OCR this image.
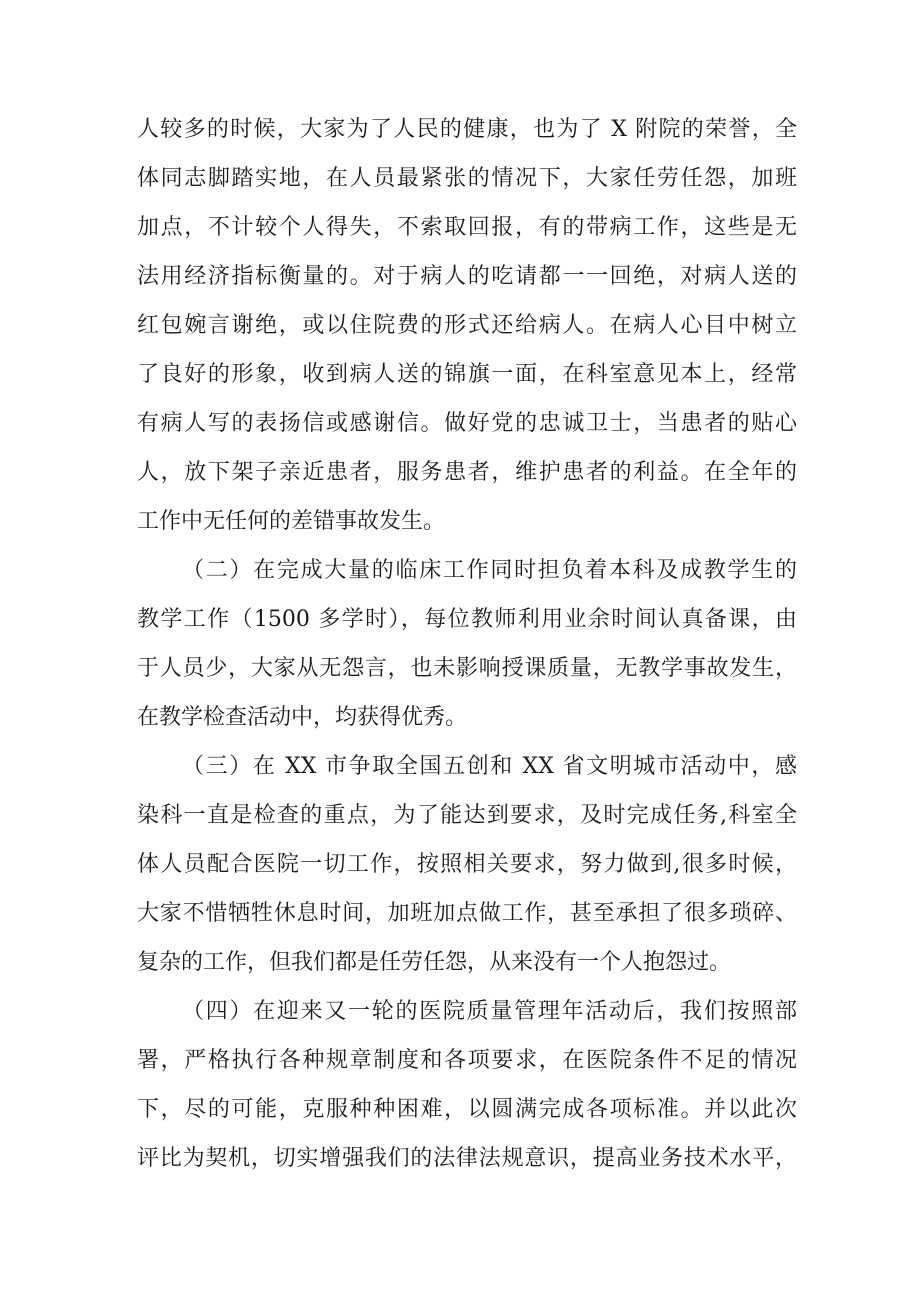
人较多的时候，大家为了人民的健康，也为了 X 附院的荣誉，全
体同志脚踏实地，在人员最紧张的情况下，大家任劳任怨，加班
加点，不计较个人得失，不索取回报，有的带病工作，这些是无
法用经济指标衡量的。对于病人的吃请都一一回绝，对病人送的
红包婉言谢绝，或以住院费的形式还给病人。在病人心目中树立
了良好的形象，收到病人送的锦旗一面，在科室意见本上，经常
有病人写的表扬信或感谢信。做好党的忠诚卫士，当患者的贴心
人，放下架子亲近患者，服务患者，维护患者的利益。在全年的
工作中无任何的差错事故发生。
（二）在完成大量的临床工作同时担负着本科及成教学生的
教学工作（1500 多学时），每位教师利用业余时间认真备课，由
于人员少，大家从无怨言，也未影响授课质量，无教学事故发生，
在教学检查活动中，均获得优秀。
（三）在 XX 市争取全国五创和 XX 省文明城市活动中，感
染科一直是检查的重点，为了能达到要求，及时完成任务,科室全
体人员配合医院一切工作，按照相关要求，努力做到,很多时候，
大家不惜牺牲休息时间，加班加点做工作，甚至承担了很多琐碎、
复杂的工作，但我们都是任劳任怨，从来没有一个人抱怨过。
（四）在迎来又一轮的医院质量管理年活动后，我们按照部
署，严格执行各种规章制度和各项要求，在医院条件不足的情况
下，尽的可能，克服种种困难，以圆满完成各项标准。并以此次
评比为契机，切实增强我们的法律法规意识，提高业务技术水平，
